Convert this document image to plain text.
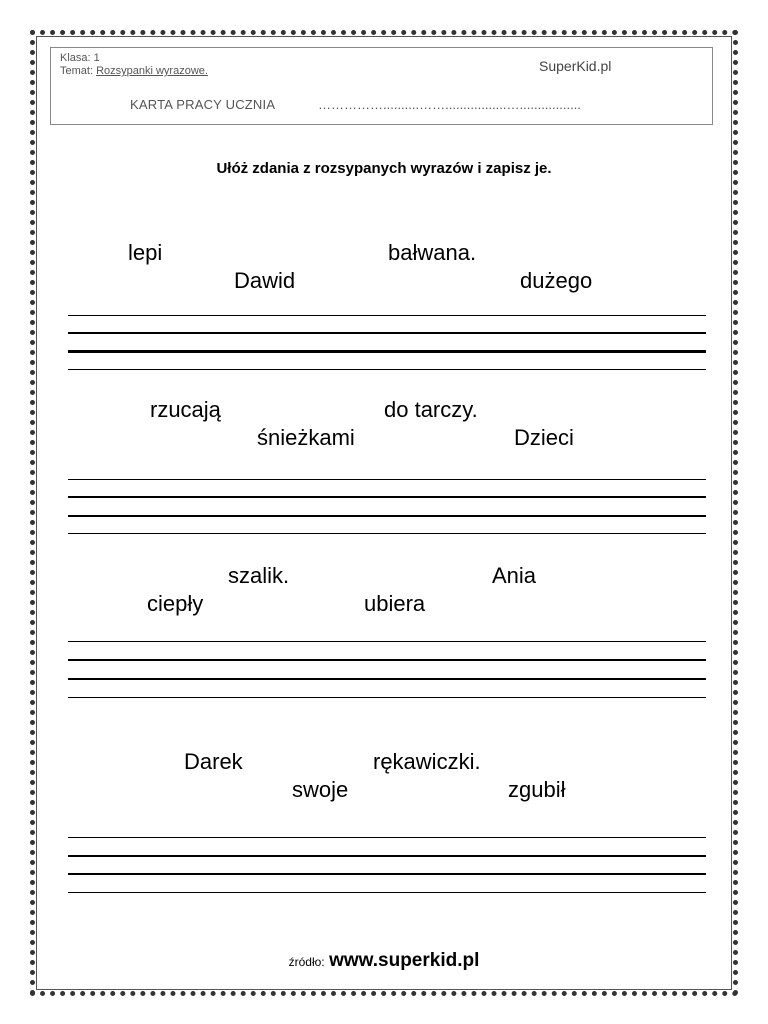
Klasa: 1
Temat: Rozsypanki wyrazowe.	SuperKid.pl
KARTA PRACY UCZNIA	……………..........…….................….................
Ułóż zdania z rozsypanych wyrazów i zapisz je.
lepi	bałwana.
Dawid	dużego
rzucają	do tarczy.
śnieżkami	Dzieci
szalik.	Ania
ciepły	ubiera
Darek	rękawiczki.
swoje	zgubił
źródło: www.superkid.pl
